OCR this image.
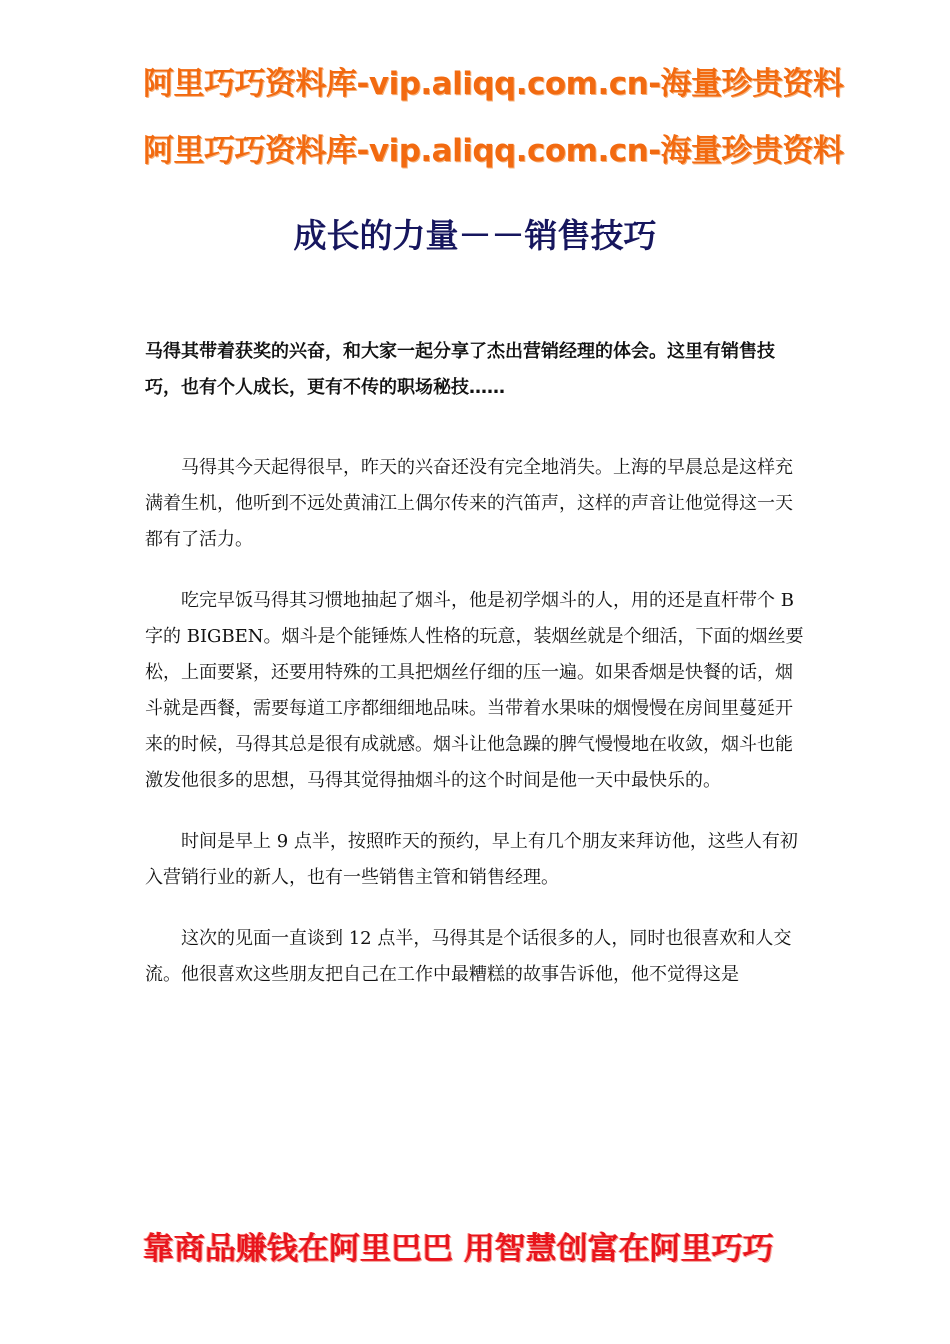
阿里巧巧资料库-vip.aliqq.com.cn-海量珍贵资料
阿里巧巧资料库-vip.aliqq.com.cn-海量珍贵资料
成长的力量－－销售技巧
马得其带着获奖的兴奋，和大家一起分享了杰出营销经理的体会。这里有销售技巧，也有个人成长，更有不传的职场秘技……

马得其今天起得很早，昨天的兴奋还没有完全地消失。上海的早晨总是这样充满着生机，他听到不远处黄浦江上偶尔传来的汽笛声，这样的声音让他觉得这一天都有了活力。

吃完早饭马得其习惯地抽起了烟斗，他是初学烟斗的人，用的还是直杆带个 B 字的 BIGBEN。烟斗是个能锤炼人性格的玩意，装烟丝就是个细活，下面的烟丝要松，上面要紧，还要用特殊的工具把烟丝仔细的压一遍。如果香烟是快餐的话，烟斗就是西餐，需要每道工序都细细地品味。当带着水果味的烟慢慢在房间里蔓延开来的时候，马得其总是很有成就感。烟斗让他急躁的脾气慢慢地在收敛，烟斗也能激发他很多的思想，马得其觉得抽烟斗的这个时间是他一天中最快乐的。

时间是早上 9 点半，按照昨天的预约，早上有几个朋友来拜访他，这些人有初入营销行业的新人，也有一些销售主管和销售经理。

这次的见面一直谈到 12 点半，马得其是个话很多的人，同时也很喜欢和人交流。他很喜欢这些朋友把自己在工作中最糟糕的故事告诉他，他不觉得这是

靠商品赚钱在阿里巴巴 用智慧创富在阿里巧巧
